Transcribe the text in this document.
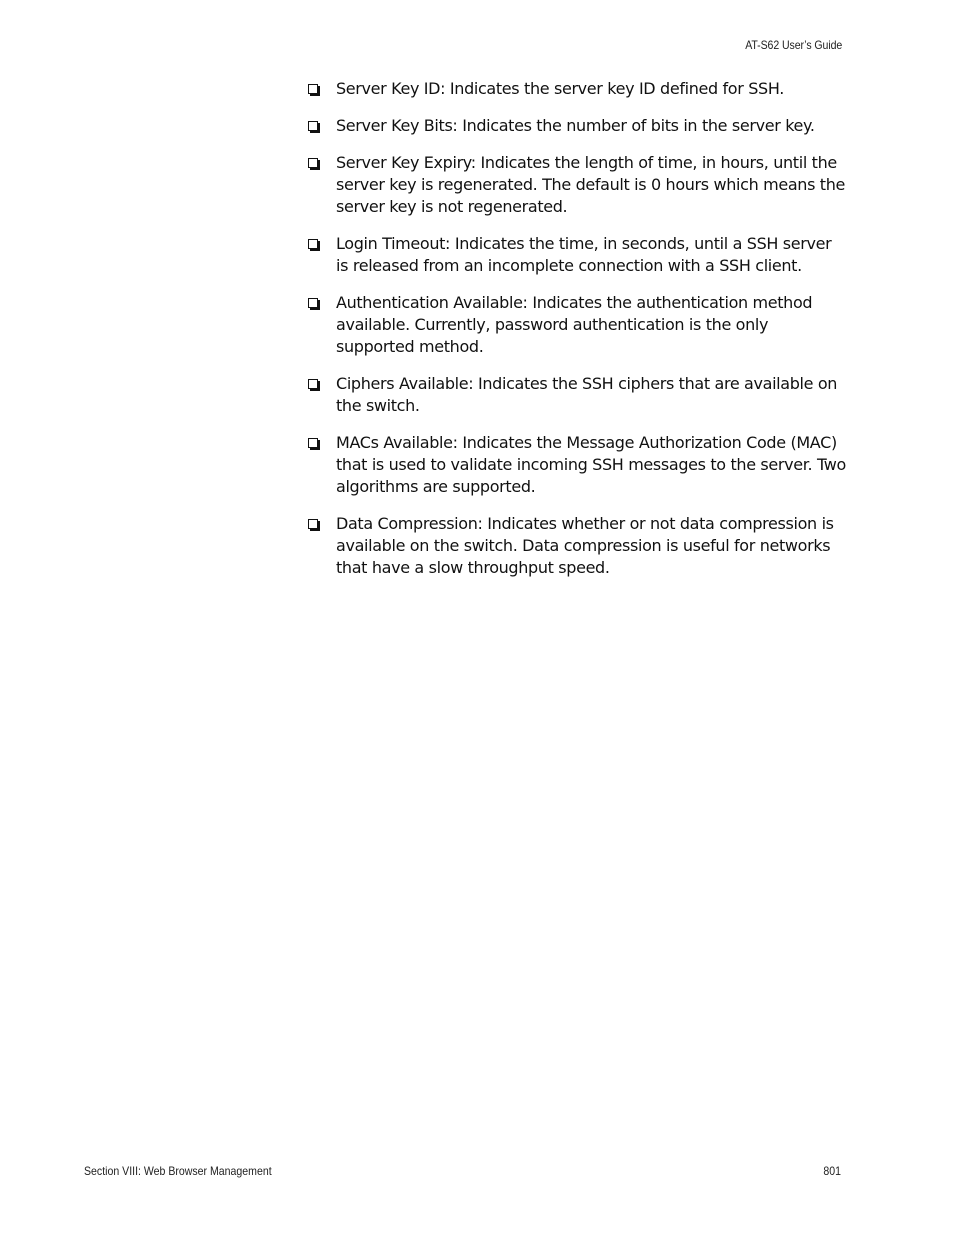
AT-S62 User’s Guide
Server Key ID: Indicates the server key ID defined for SSH.
Server Key Bits: Indicates the number of bits in the server key.
Server Key Expiry: Indicates the length of time, in hours, until the server key is regenerated. The default is 0 hours which means the server key is not regenerated.
Login Timeout: Indicates the time, in seconds, until a SSH server is released from an incomplete connection with a SSH client.
Authentication Available: Indicates the authentication method available. Currently, password authentication is the only supported method.
Ciphers Available: Indicates the SSH ciphers that are available on the switch.
MACs Available: Indicates the Message Authorization Code (MAC) that is used to validate incoming SSH messages to the server. Two algorithms are supported.
Data Compression: Indicates whether or not data compression is available on the switch. Data compression is useful for networks that have a slow throughput speed.
Section VIII: Web Browser Management	801
